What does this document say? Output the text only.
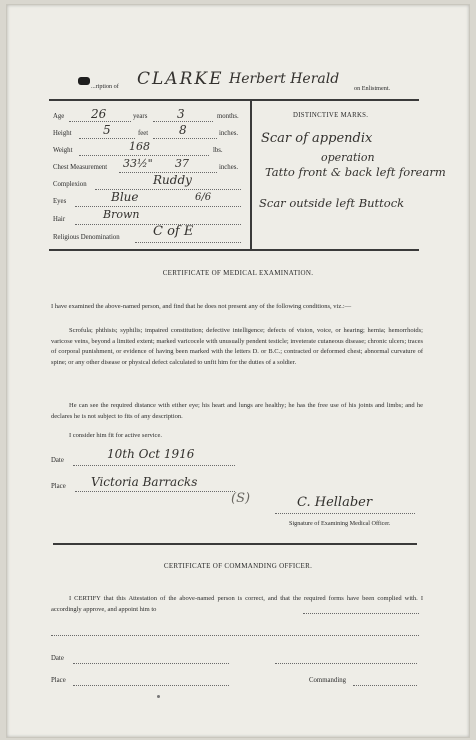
...ription of CLARKE Herbert Herald
on Enlistment.
Age 26	years 3	months.
Height	5	feet	8	inches.
Weight	168	lbs.
Chest Measurement 33½" 37	inches.
Complexion	Ruddy
Eyes	Blue	6/6
Hair	Brown
Religious Denomination	C of E
DISTINCTIVE MARKS.
Scar of appendix
operation
Tatto front & back left forearm
Scar outside left Buttock
CERTIFICATE OF MEDICAL EXAMINATION.
I have examined the above-named person, and find that he does not present any of the following conditions, viz.:—
Scrofula; phthisis; syphilis; impaired constitution; defective intelligence; defects of vision, voice, or hearing; hernia; hemorrhoids; varicose veins, beyond a limited extent; marked varicocele with unusually pendent testicle; inveterate cutaneous disease; chronic ulcers; traces of corporal punishment, or evidence of having been marked with the letters D. or B.C.; contracted or deformed chest; abnormal curvature of spine; or any other disease or physical defect calculated to unfit him for the duties of a soldier.
He can see the required distance with either eye; his heart and lungs are healthy; he has the free use of his joints and limbs; and he declares he is not subject to fits of any description.
I consider him fit for active service.
Date	10th Oct 1916
Place Victoria Barracks
(S)	C. Hellaber
Signature of Examining Medical Officer.
CERTIFICATE OF COMMANDING OFFICER.
I CERTIFY that this Attestation of the above-named person is correct, and that the required forms have been complied with. I accordingly approve, and appoint him to
Date
Place	Commanding
